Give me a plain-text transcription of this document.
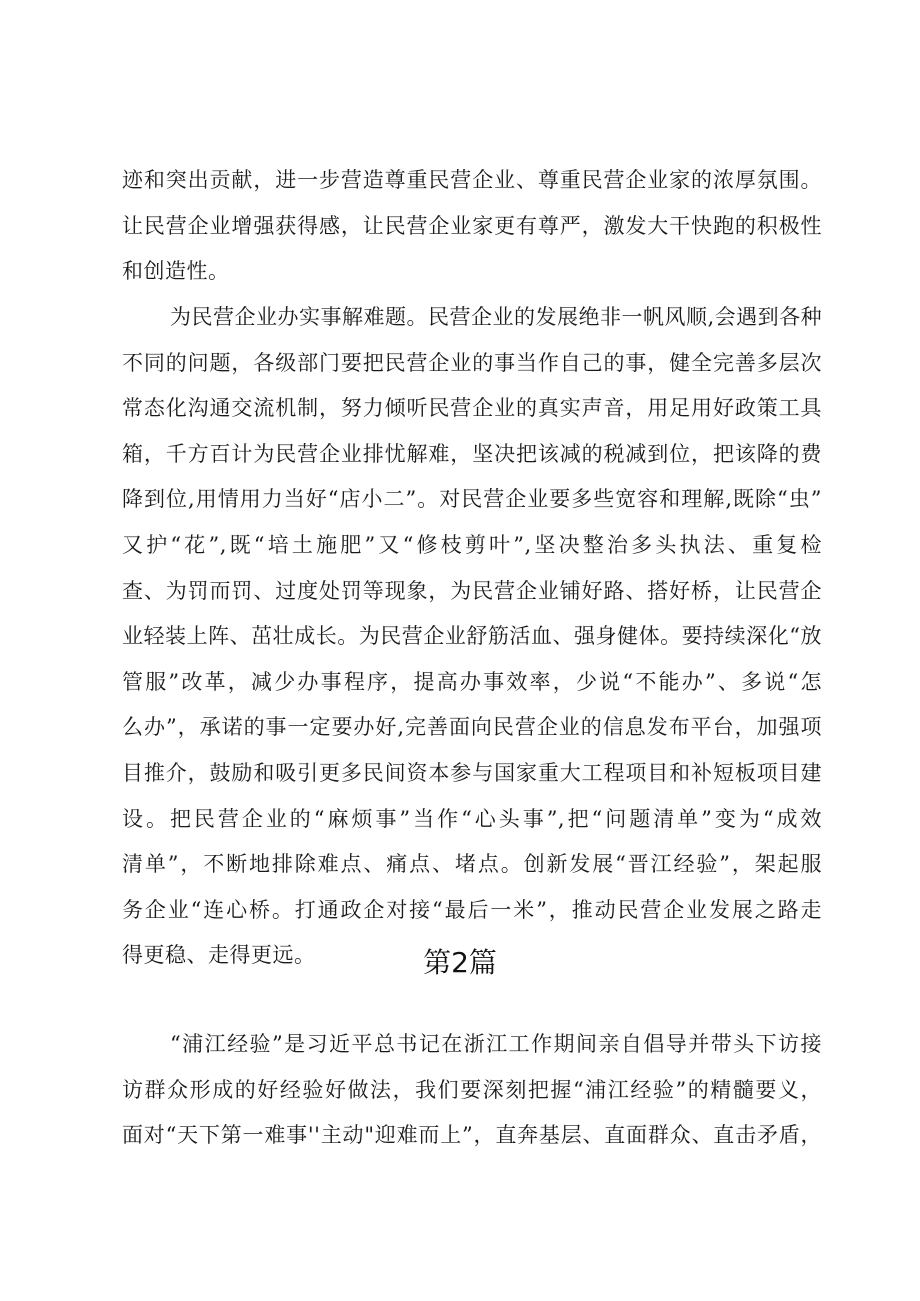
迹和突出贡献，进一步营造尊重民营企业、尊重民营企业家的浓厚氛围。
让民营企业增强获得感，让民营企业家更有尊严，激发大干快跑的积极性
和创造性。
为民营企业办实事解难题。民营企业的发展绝非一帆风顺,会遇到各种
不同的问题，各级部门要把民营企业的事当作自己的事，健全完善多层次
常态化沟通交流机制，努力倾听民营企业的真实声音，用足用好政策工具
箱，千方百计为民营企业排忧解难，坚决把该减的税减到位，把该降的费
降到位,用情用力当好“店小二”。对民营企业要多些宽容和理解,既除“虫”
又护“花”,既“培土施肥”又“修枝剪叶”,坚决整治多头执法、重复检
查、为罚而罚、过度处罚等现象，为民营企业铺好路、搭好桥，让民营企
业轻装上阵、茁壮成长。为民营企业舒筋活血、强身健体。要持续深化“放
管服”改革，减少办事程序，提高办事效率，少说“不能办”、多说“怎
么办”，承诺的事一定要办好,完善面向民营企业的信息发布平台，加强项
目推介，鼓励和吸引更多民间资本参与国家重大工程项目和补短板项目建
设。把民营企业的“麻烦事”当作“心头事”,把“问题清单”变为“成效
清单”，不断地排除难点、痛点、堵点。创新发展“晋江经验”，架起服
务企业“连心桥。打通政企对接“最后一米”，推动民营企业发展之路走
得更稳、走得更远。	第2篇
“浦江经验”是习近平总书记在浙江工作期间亲自倡导并带头下访接
访群众形成的好经验好做法，我们要深刻把握“浦江经验”的精髓要义，
面对“天下第一难事''主动"迎难而上”，直奔基层、直面群众、直击矛盾，
